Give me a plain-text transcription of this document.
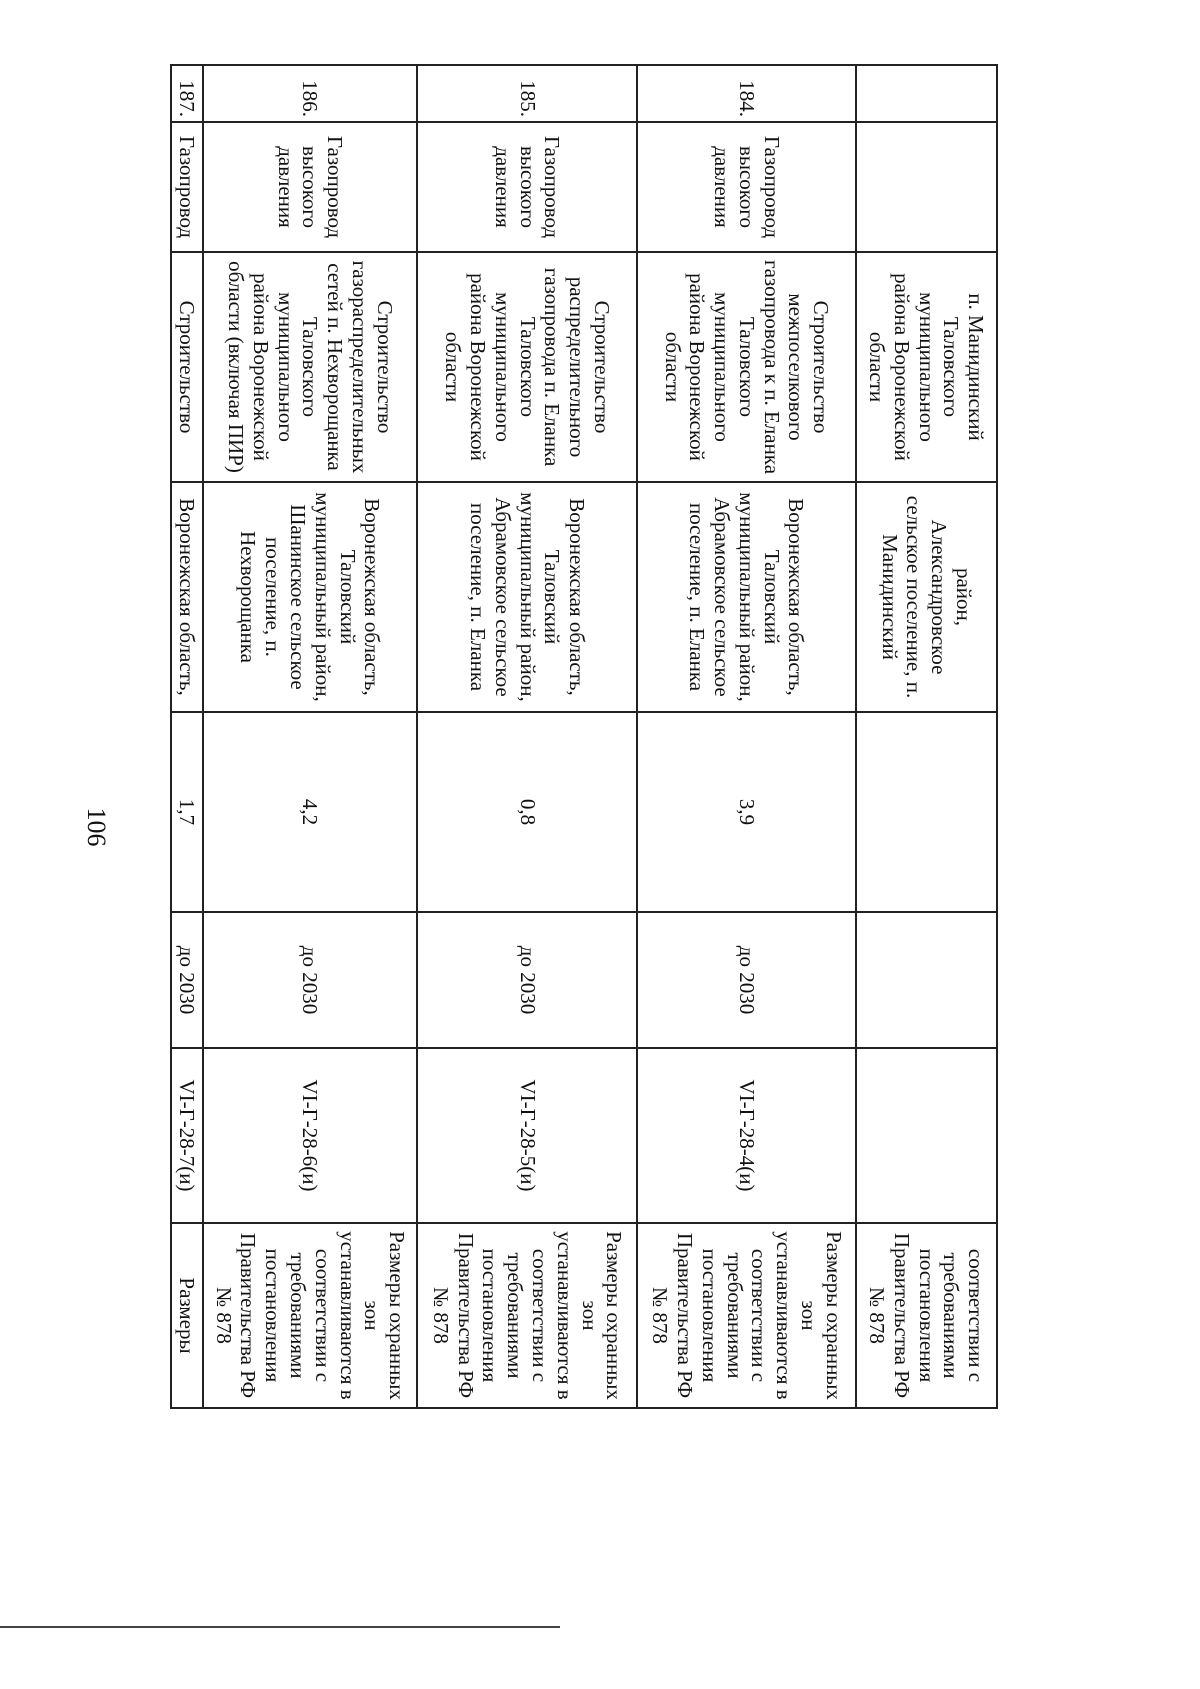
106
		п. Манидинский Таловского муниципального района Воронежской области	район, Александровское сельское поселение, п. Манидинский				соответствии с требованиями постановления Правительства РФ № 878
184.	Газопровод высокого давления	Строительство межпоселкового газопровода к п. Еланка Таловского муниципального района Воронежской области	Воронежская область, Таловский муниципальный район, Абрамовское сельское поселение, п. Еланка	3,9	до 2030	VI-Г-28-4(и)	Размеры охранных зон устанавливаются в соответствии с требованиями постановления Правительства РФ № 878
185.	Газопровод высокого давления	Строительство распределительного газопровода п. Еланка Таловского муниципального района Воронежской области	Воронежская область, Таловский муниципальный район, Абрамовское сельское поселение, п. Еланка	0,8	до 2030	VI-Г-28-5(и)	Размеры охранных зон устанавливаются в соответствии с требованиями постановления Правительства РФ № 878
186.	Газопровод высокого давления	Строительство газораспределительных сетей п. Нехворощанка Таловского муниципального района Воронежской области (включая ПИР)	Воронежская область, Таловский муниципальный район, Шанинское сельское поселение, п. Нехворощанка	4,2	до 2030	VI-Г-28-6(и)	Размеры охранных зон устанавливаются в соответствии с требованиями постановления Правительства РФ № 878
187.	Газопровод	Строительство	Воронежская область,	1,7	до 2030	VI-Г-28-7(и)	Размеры
